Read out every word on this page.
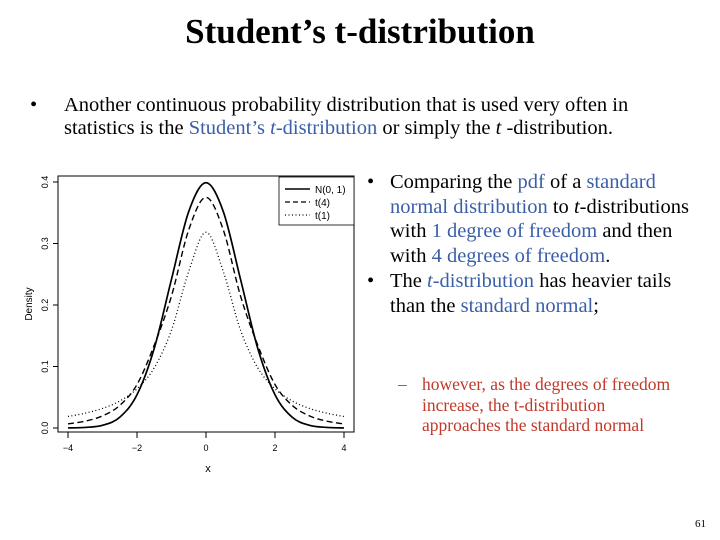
Student’s t-distribution
• Another continuous probability distribution that is used very often in statistics is the Student’s t-distribution or simply the t -distribution.
0.0
0.1
0.2
0.3
0.4
−4	−2	0	2	4
Density
x
N(0, 1)
t(4)
t(1)
• Comparing the pdf of a standard normal distribution to t-distributions with 1 degree of freedom and then with 4 degrees of freedom.
• The t-distribution has heavier tails than the standard normal;
– however, as the degrees of freedom increase, the t-distribution approaches the standard normal
61
